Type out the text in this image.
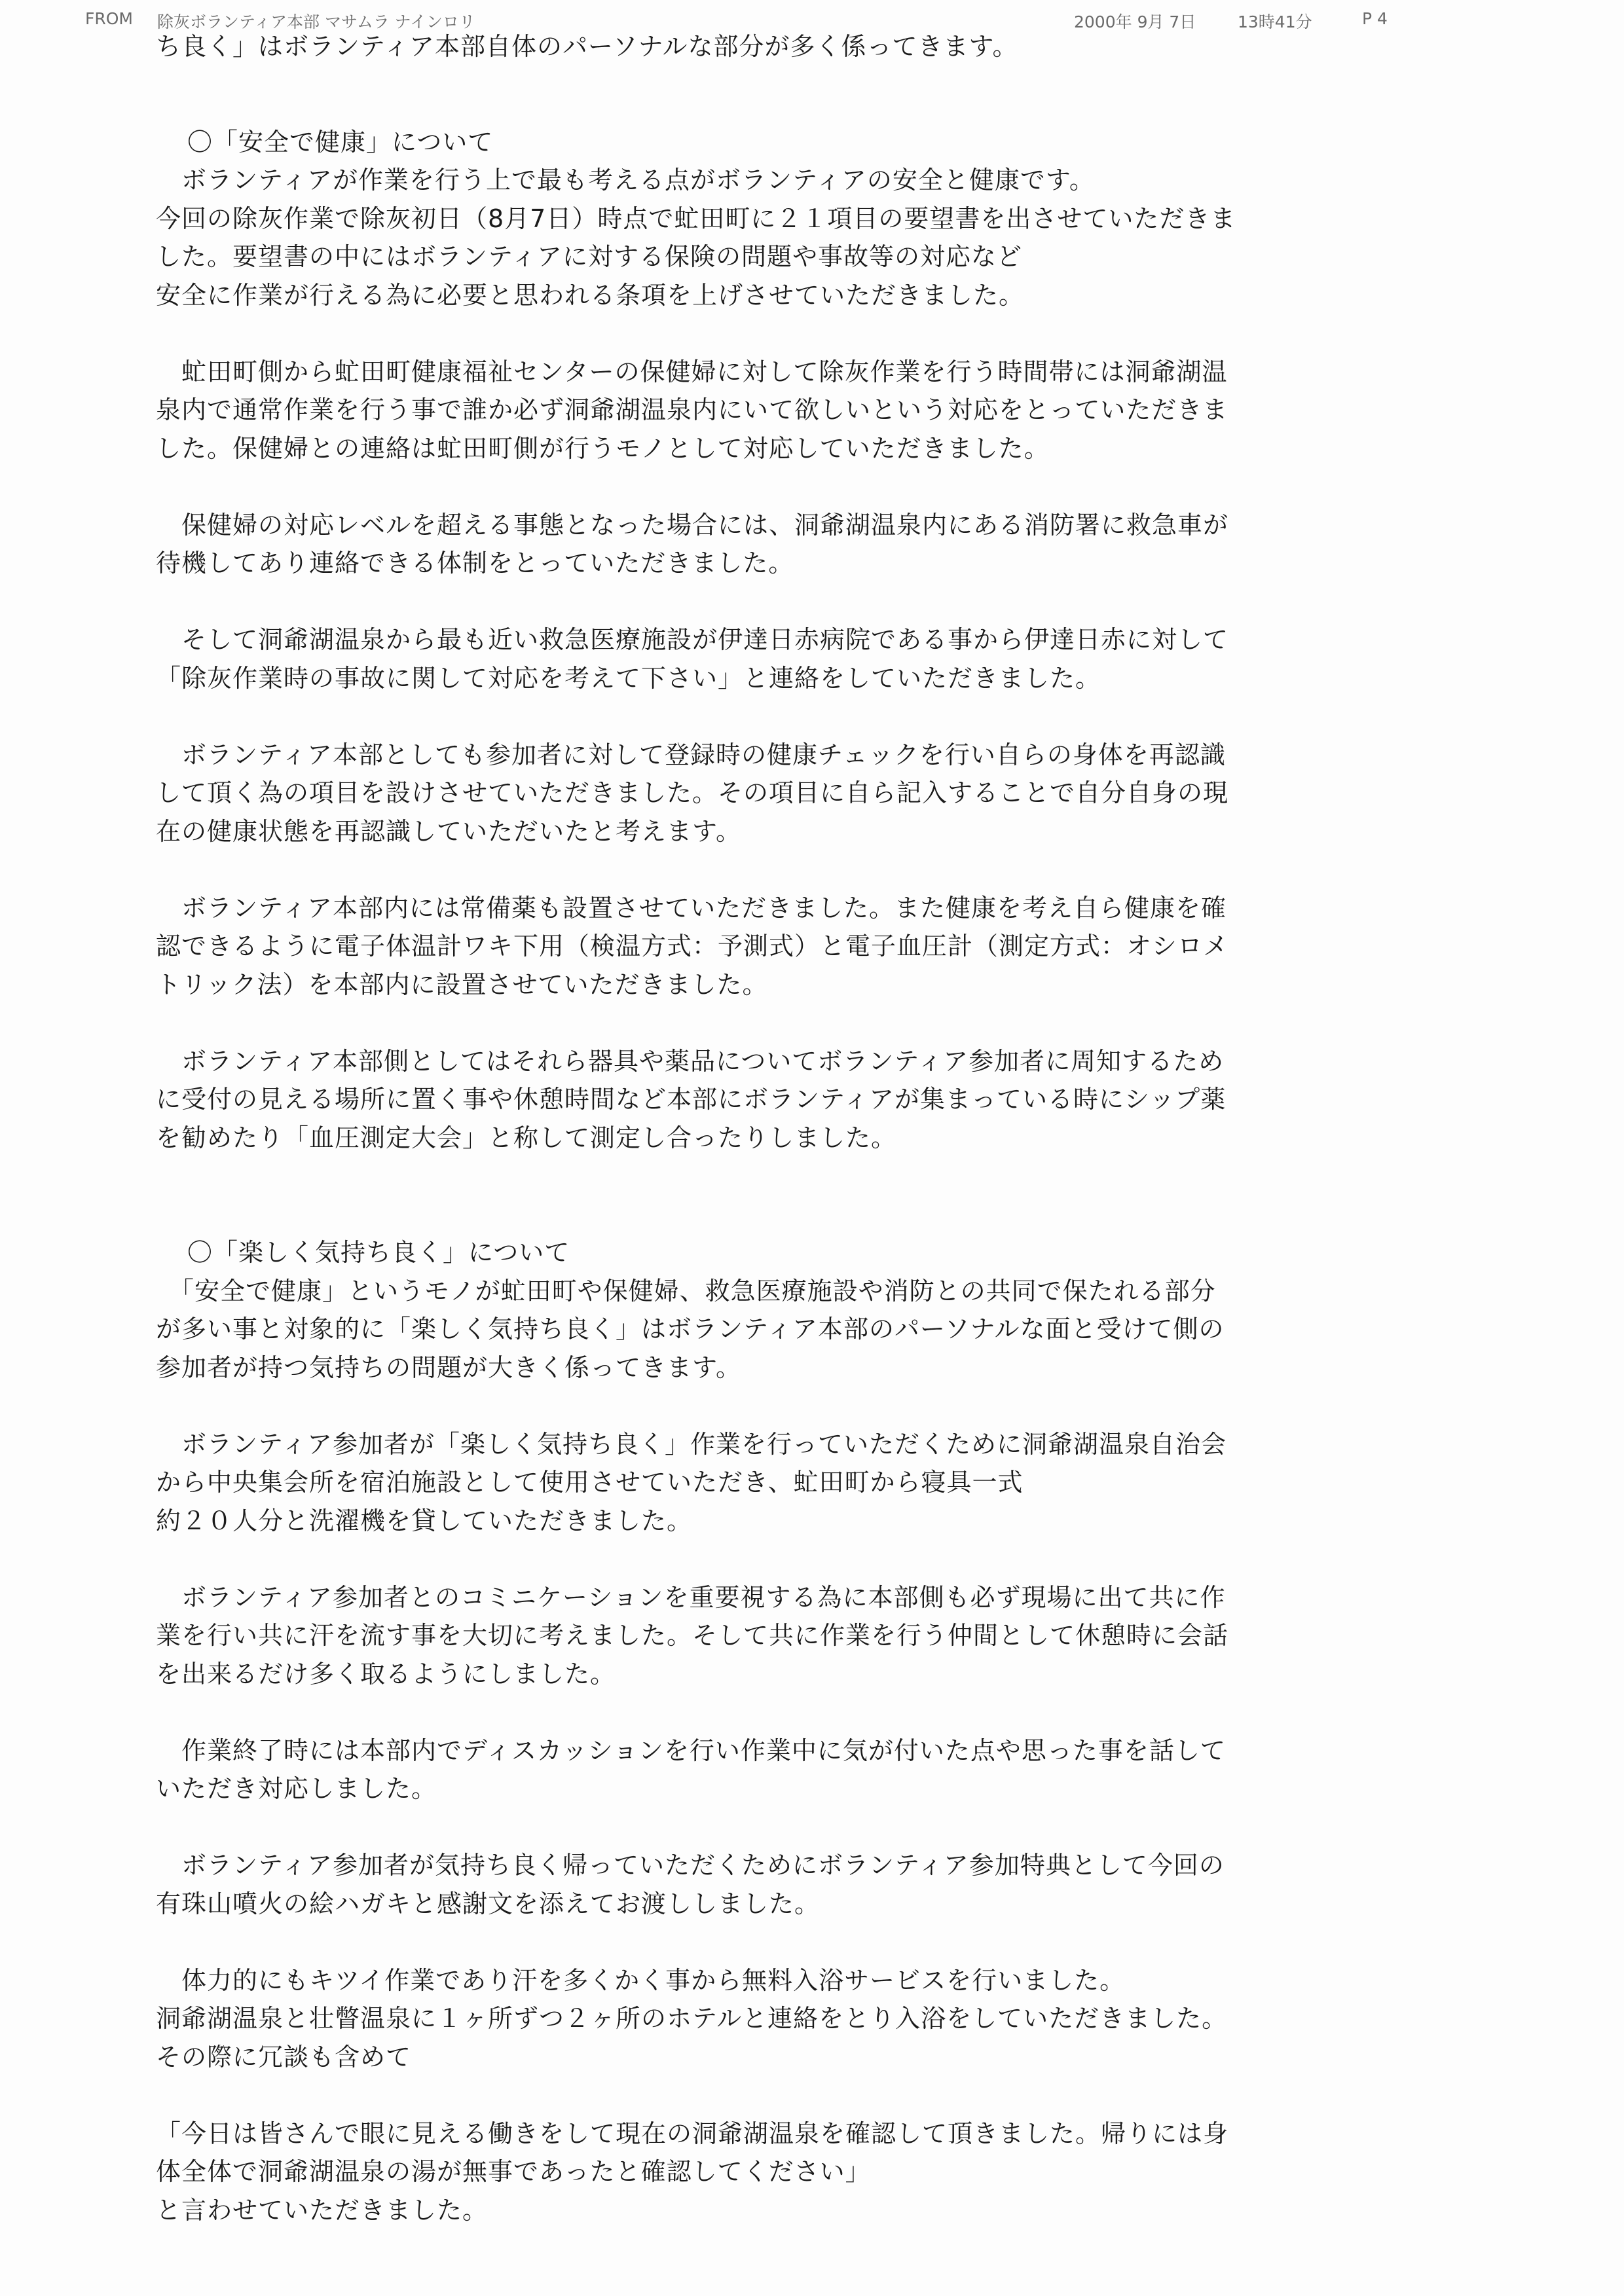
FROM 除灰ボランティア本部 マサムラ ナインロリ	2000年 9月 7日	13時41分	P 4
ち良く」はボランティア本部自体のパーソナルな部分が多く係ってきます。
〇「安全で健康」について
　ボランティアが作業を行う上で最も考える点がボランティアの安全と健康です。
今回の除灰作業で除灰初日（8月7日）時点で虻田町に２１項目の要望書を出させていただきま
した。要望書の中にはボランティアに対する保険の問題や事故等の対応など
安全に作業が行える為に必要と思われる条項を上げさせていただきました。
　虻田町側から虻田町健康福祉センターの保健婦に対して除灰作業を行う時間帯には洞爺湖温
泉内で通常作業を行う事で誰か必ず洞爺湖温泉内にいて欲しいという対応をとっていただきま
した。保健婦との連絡は虻田町側が行うモノとして対応していただきました。
　保健婦の対応レベルを超える事態となった場合には、洞爺湖温泉内にある消防署に救急車が
待機してあり連絡できる体制をとっていただきました。
　そして洞爺湖温泉から最も近い救急医療施設が伊達日赤病院である事から伊達日赤に対して
「除灰作業時の事故に関して対応を考えて下さい」と連絡をしていただきました。
　ボランティア本部としても参加者に対して登録時の健康チェックを行い自らの身体を再認識
して頂く為の項目を設けさせていただきました。その項目に自ら記入することで自分自身の現
在の健康状態を再認識していただいたと考えます。
　ボランティア本部内には常備薬も設置させていただきました。また健康を考え自ら健康を確
認できるように電子体温計ワキ下用（検温方式：予測式）と電子血圧計（測定方式：オシロメ
トリック法）を本部内に設置させていただきました。
　ボランティア本部側としてはそれら器具や薬品についてボランティア参加者に周知するため
に受付の見える場所に置く事や休憩時間など本部にボランティアが集まっている時にシップ薬
を勧めたり「血圧測定大会」と称して測定し合ったりしました。
〇「楽しく気持ち良く」について
　「安全で健康」というモノが虻田町や保健婦、救急医療施設や消防との共同で保たれる部分
が多い事と対象的に「楽しく気持ち良く」はボランティア本部のパーソナルな面と受けて側の
参加者が持つ気持ちの問題が大きく係ってきます。
　ボランティア参加者が「楽しく気持ち良く」作業を行っていただくために洞爺湖温泉自治会
から中央集会所を宿泊施設として使用させていただき、虻田町から寝具一式
約２０人分と洗濯機を貸していただきました。
　ボランティア参加者とのコミニケーションを重要視する為に本部側も必ず現場に出て共に作
業を行い共に汗を流す事を大切に考えました。そして共に作業を行う仲間として休憩時に会話
を出来るだけ多く取るようにしました。
　作業終了時には本部内でディスカッションを行い作業中に気が付いた点や思った事を話して
いただき対応しました。
　ボランティア参加者が気持ち良く帰っていただくためにボランティア参加特典として今回の
有珠山噴火の絵ハガキと感謝文を添えてお渡ししました。
　体力的にもキツイ作業であり汗を多くかく事から無料入浴サービスを行いました。
洞爺湖温泉と壮瞥温泉に１ヶ所ずつ２ヶ所のホテルと連絡をとり入浴をしていただきました。
その際に冗談も含めて
「今日は皆さんで眼に見える働きをして現在の洞爺湖温泉を確認して頂きました。帰りには身
体全体で洞爺湖温泉の湯が無事であったと確認してください」
と言わせていただきました。
